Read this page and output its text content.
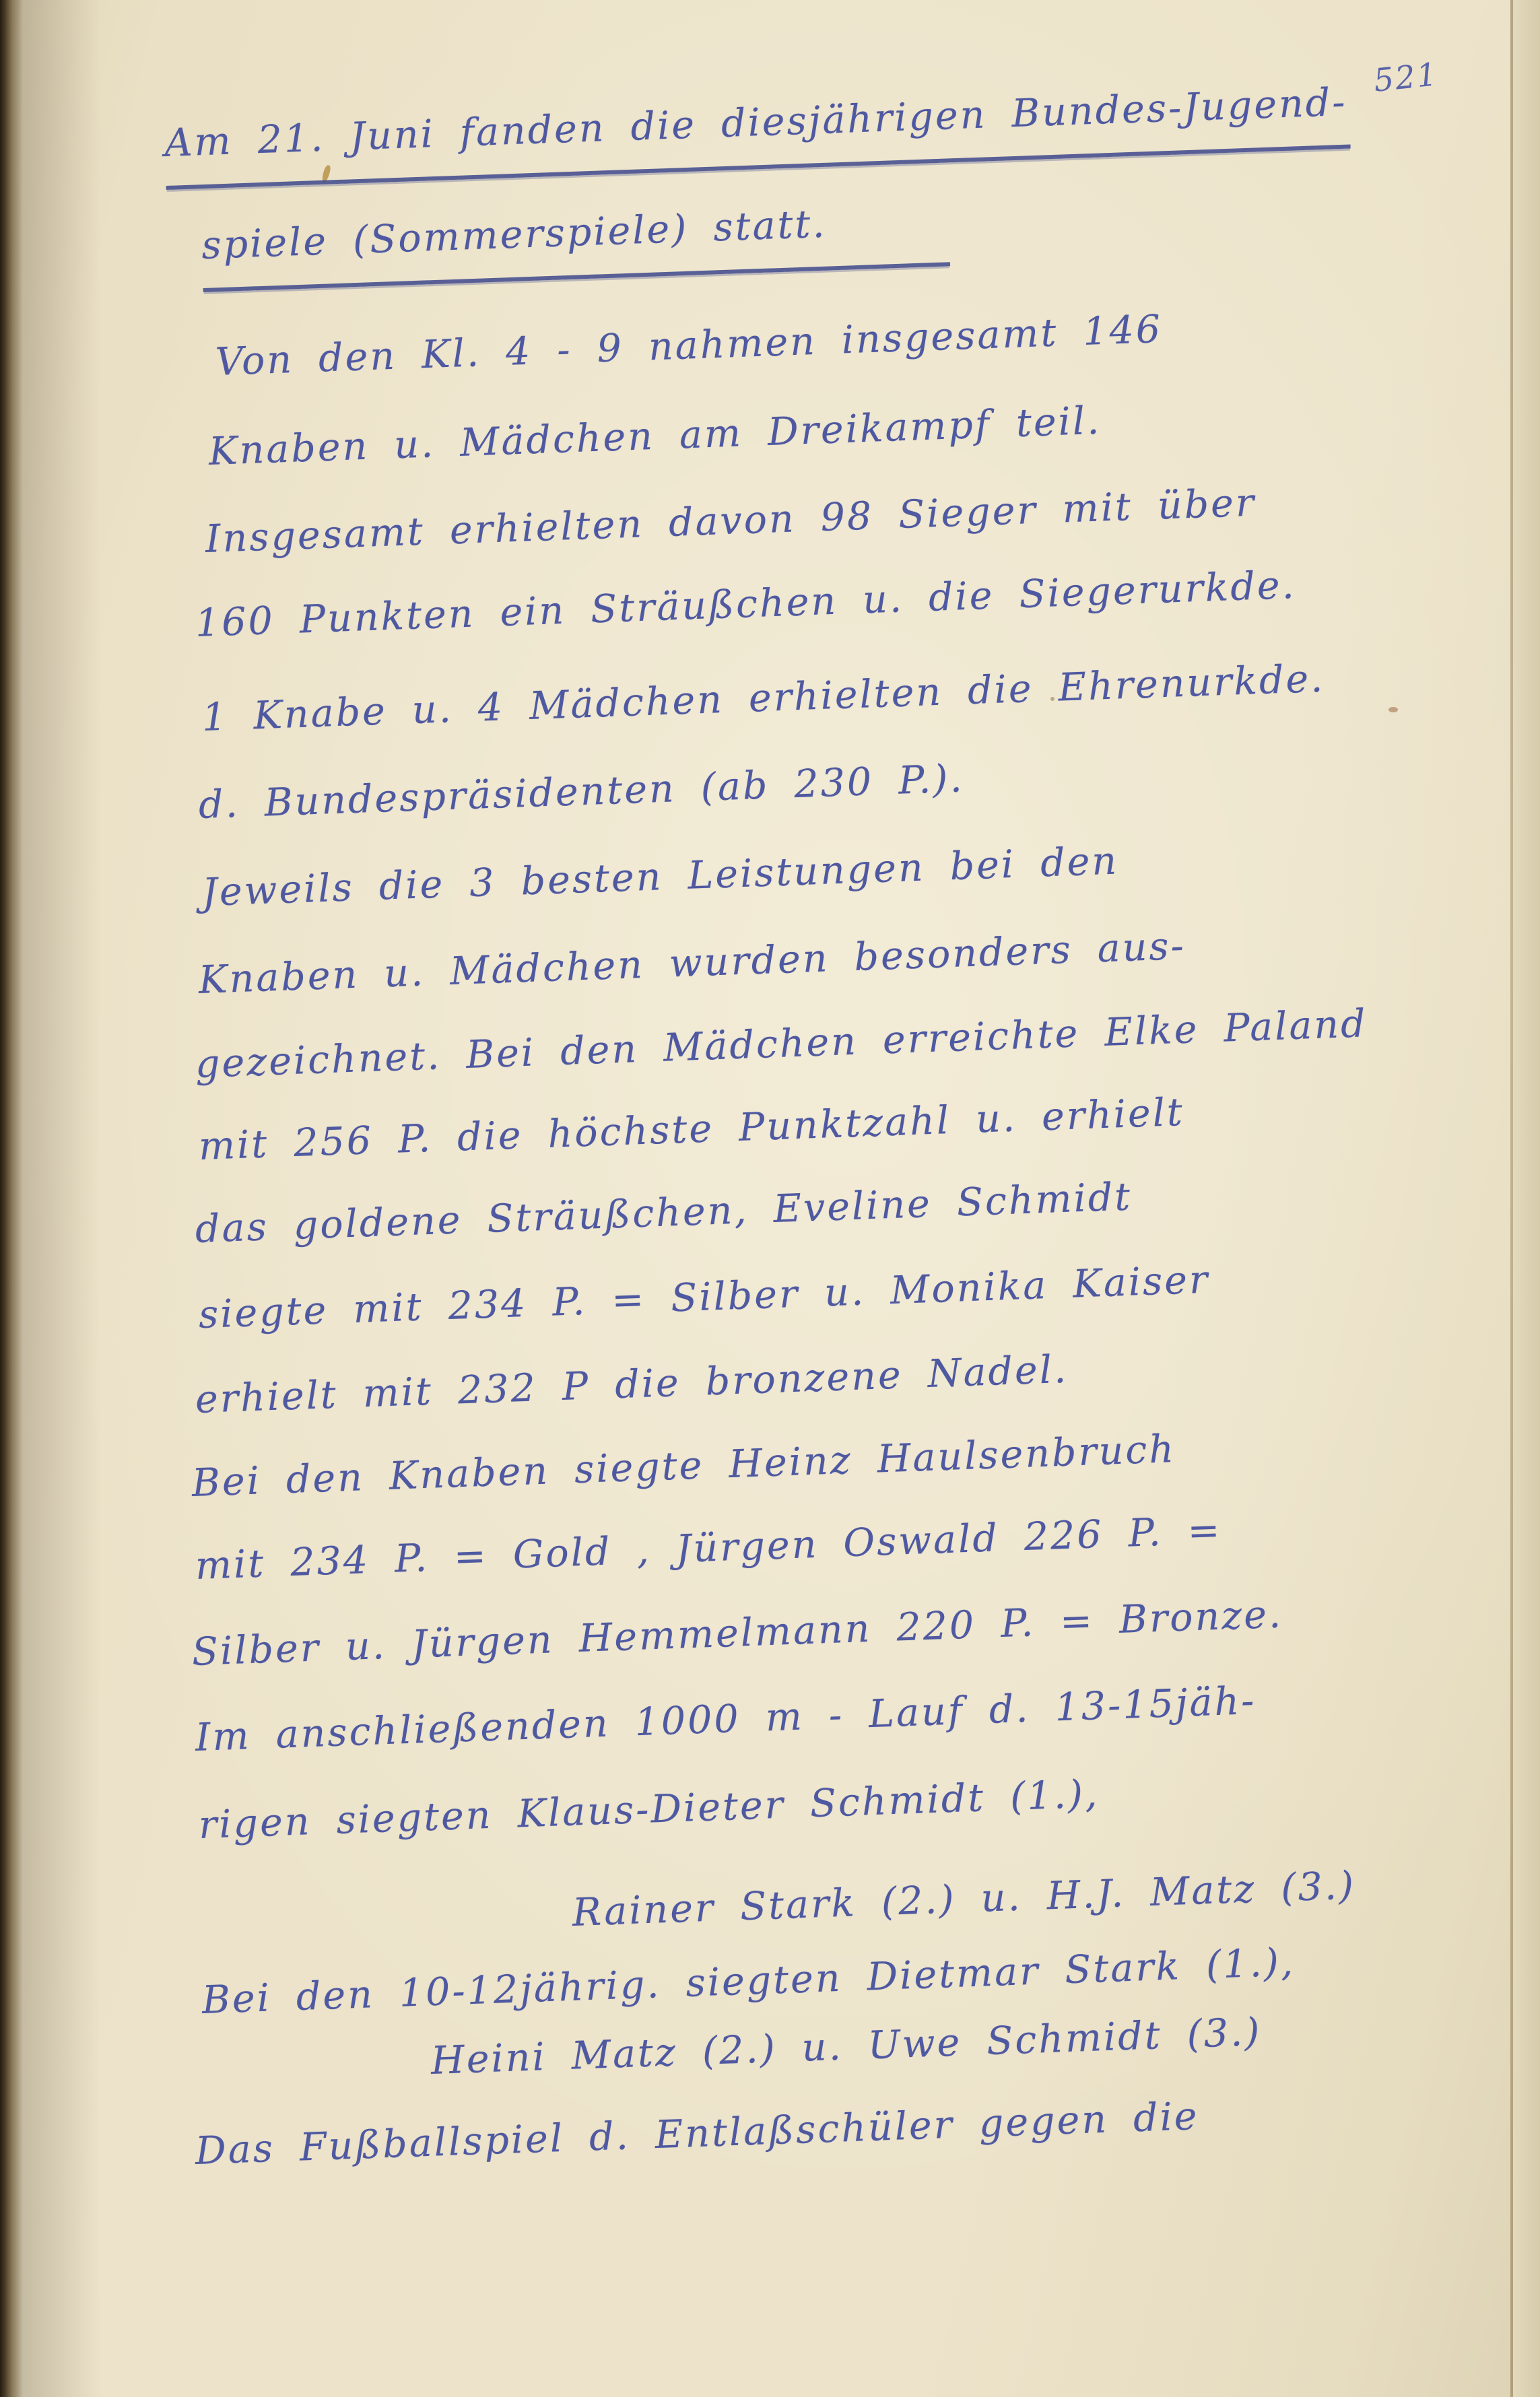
521
Am 21. Juni fanden die diesjährigen Bundes-Jugend-
spiele (Sommerspiele) statt.
Von den Kl. 4 - 9 nahmen insgesamt 146
Knaben u. Mädchen am Dreikampf teil.
Insgesamt erhielten davon 98 Sieger mit über
160 Punkten ein Sträußchen u. die Siegerurkde.
1 Knabe u. 4 Mädchen erhielten die Ehrenurkde.
d. Bundespräsidenten (ab 230 P.).
Jeweils die 3 besten Leistungen bei den
Knaben u. Mädchen wurden besonders aus-
gezeichnet. Bei den Mädchen erreichte Elke Paland
mit 256 P. die höchste Punktzahl u. erhielt
das goldene Sträußchen, Eveline Schmidt
siegte mit 234 P. = Silber u. Monika Kaiser
erhielt mit 232 P die bronzene Nadel.
Bei den Knaben siegte Heinz Haulsenbruch
mit 234 P. = Gold , Jürgen Oswald 226 P. =
Silber u. Jürgen Hemmelmann 220 P. = Bronze.
Im anschließenden 1000 m - Lauf d. 13-15jäh-
rigen siegten Klaus-Dieter Schmidt (1.),
Rainer Stark (2.) u. H.J. Matz (3.)
Bei den 10-12jährig. siegten Dietmar Stark (1.),
Heini Matz (2.) u. Uwe Schmidt (3.)
Das Fußballspiel d. Entlaßschüler gegen die
